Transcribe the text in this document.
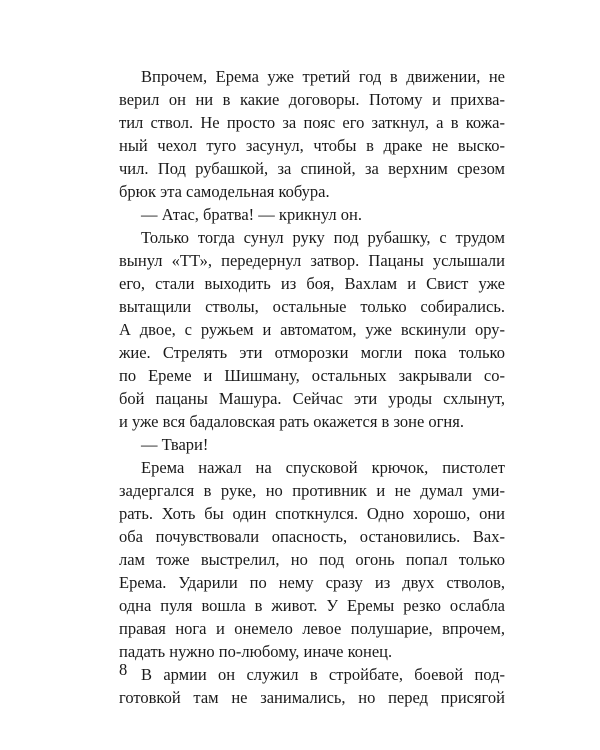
Впрочем, Ерема уже третий год в движении, не
верил он ни в какие договоры. Потому и прихва-
тил ствол. Не просто за пояс его заткнул, а в кожа-
ный чехол туго засунул, чтобы в драке не выско-
чил. Под рубашкой, за спиной, за верхним срезом
брюк эта самодельная кобура.
— Атас, братва! — крикнул он.
Только тогда сунул руку под рубашку, с трудом
вынул «ТТ», передернул затвор. Пацаны услышали
его, стали выходить из боя, Вахлам и Свист уже
вытащили стволы, остальные только собирались.
А двое, с ружьем и автоматом, уже вскинули ору-
жие. Стрелять эти отморозки могли пока только
по Ереме и Шишману, остальных закрывали со-
бой пацаны Машура. Сейчас эти уроды схлынут,
и уже вся бадаловская рать окажется в зоне огня.
— Твари!
Ерема нажал на спусковой крючок, пистолет
задергался в руке, но противник и не думал уми-
рать. Хоть бы один споткнулся. Одно хорошо, они
оба почувствовали опасность, остановились. Вах-
лам тоже выстрелил, но под огонь попал только
Ерема. Ударили по нему сразу из двух стволов,
одна пуля вошла в живот. У Еремы резко ослабла
правая нога и онемело левое полушарие, впрочем,
падать нужно по-любому, иначе конец.
В армии он служил в стройбате, боевой под-
готовкой там не занимались, но перед присягой
8
